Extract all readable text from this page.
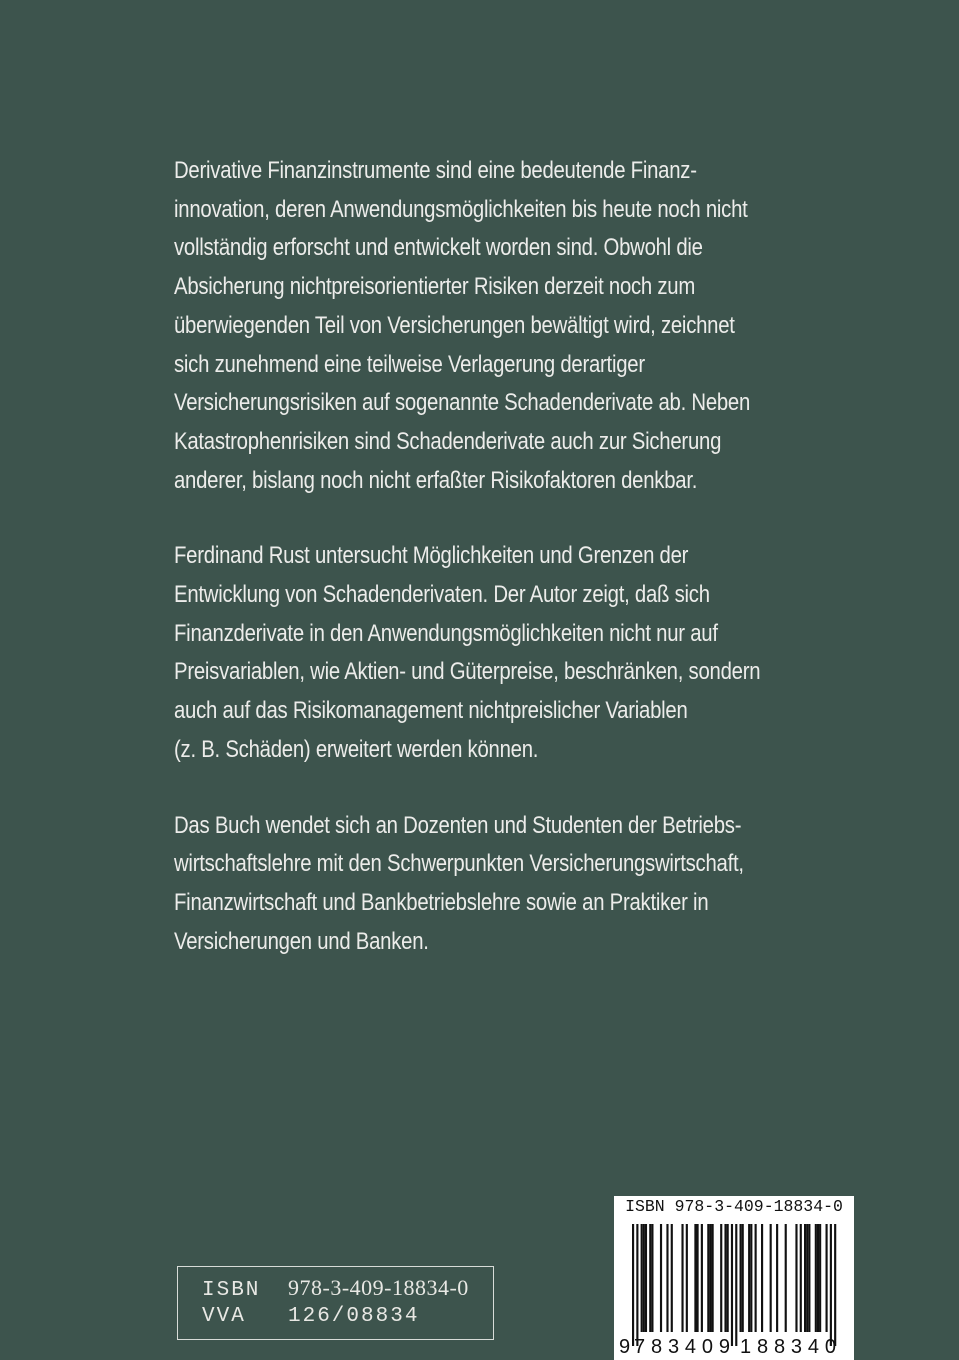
Derivative Finanzinstrumente sind eine bedeutende Finanz-
innovation, deren Anwendungsmöglichkeiten bis heute noch nicht
vollständig erforscht und entwickelt worden sind. Obwohl die
Absicherung nichtpreisorientierter Risiken derzeit noch zum
überwiegenden Teil von Versicherungen bewältigt wird, zeichnet
sich zunehmend eine teilweise Verlagerung derartiger
Versicherungsrisiken auf sogenannte Schadenderivate ab. Neben
Katastrophenrisiken sind Schadenderivate auch zur Sicherung
anderer, bislang noch nicht erfaßter Risikofaktoren denkbar.
Ferdinand Rust untersucht Möglichkeiten und Grenzen der
Entwicklung von Schadenderivaten. Der Autor zeigt, daß sich
Finanzderivate in den Anwendungsmöglichkeiten nicht nur auf
Preisvariablen, wie Aktien- und Güterpreise, beschränken, sondern
auch auf das Risikomanagement nichtpreislicher Variablen
(z. B. Schäden) erweitert werden können.
Das Buch wendet sich an Dozenten und Studenten der Betriebs-
wirtschaftslehre mit den Schwerpunkten Versicherungswirtschaft,
Finanzwirtschaft und Bankbetriebslehre sowie an Praktiker in
Versicherungen und Banken.
ISBN 978-3-409-18834-0
VVA 126/08834
ISBN 978-3-409-18834-0
9 783409 188340
